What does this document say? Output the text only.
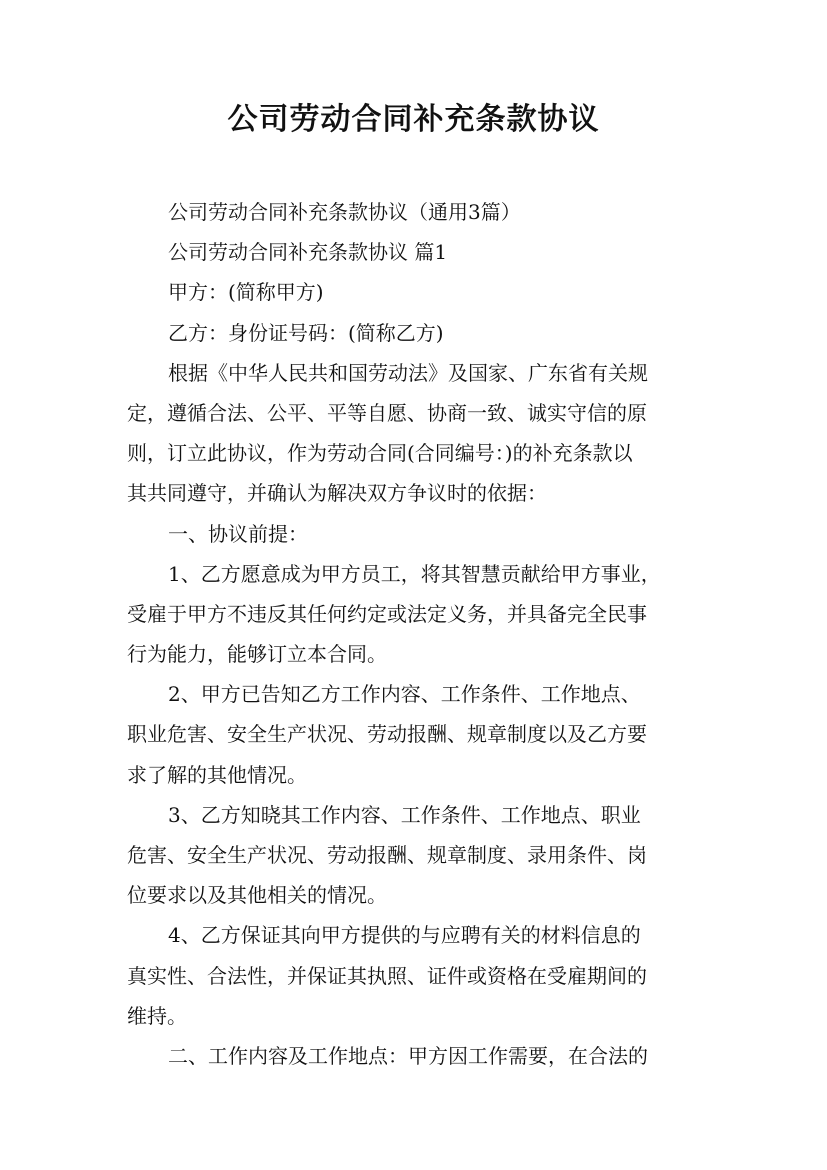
公司劳动合同补充条款协议
公司劳动合同补充条款协议（通用3篇）
公司劳动合同补充条款协议 篇1
甲方：(简称甲方)
乙方：身份证号码：(简称乙方)
根据《中华人民共和国劳动法》及国家、广东省有关规
定，遵循合法、公平、平等自愿、协商一致、诚实守信的原
则，订立此协议，作为劳动合同(合同编号：)的补充条款以
其共同遵守，并确认为解决双方争议时的依据：
一、协议前提：
1、乙方愿意成为甲方员工，将其智慧贡献给甲方事业，
受雇于甲方不违反其任何约定或法定义务，并具备完全民事
行为能力，能够订立本合同。
2、甲方已告知乙方工作内容、工作条件、工作地点、
职业危害、安全生产状况、劳动报酬、规章制度以及乙方要
求了解的其他情况。
3、乙方知晓其工作内容、工作条件、工作地点、职业
危害、安全生产状况、劳动报酬、规章制度、录用条件、岗
位要求以及其他相关的情况。
4、乙方保证其向甲方提供的与应聘有关的材料信息的
真实性、合法性，并保证其执照、证件或资格在受雇期间的
维持。
二、工作内容及工作地点：甲方因工作需要，在合法的
